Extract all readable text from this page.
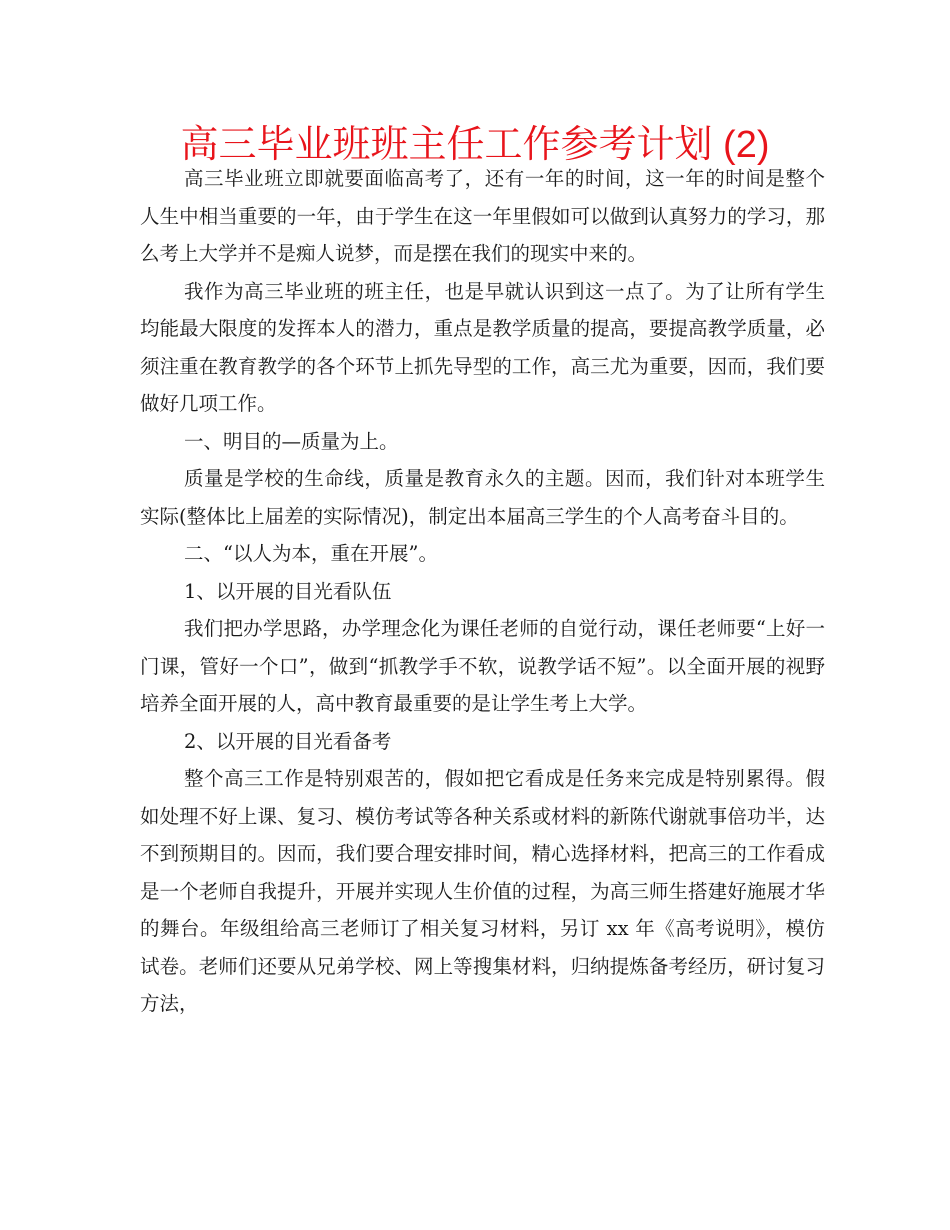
高三毕业班班主任工作参考计划 (2)

高三毕业班立即就要面临高考了，还有一年的时间，这一年的时间是整个人生中相当重要的一年，由于学生在这一年里假如可以做到认真努力的学习，那么考上大学并不是痴人说梦，而是摆在我们的现实中来的。

我作为高三毕业班的班主任，也是早就认识到这一点了。为了让所有学生均能最大限度的发挥本人的潜力，重点是教学质量的提高，要提高教学质量，必须注重在教育教学的各个环节上抓先导型的工作，高三尤为重要，因而，我们要做好几项工作。

一、明目的—质量为上。

质量是学校的生命线，质量是教育永久的主题。因而，我们针对本班学生实际(整体比上届差的实际情况)，制定出本届高三学生的个人高考奋斗目的。

二、“以人为本，重在开展”。

1、以开展的目光看队伍

我们把办学思路，办学理念化为课任老师的自觉行动，课任老师要“上好一门课，管好一个口”，做到“抓教学手不软，说教学话不短”。以全面开展的视野培养全面开展的人，高中教育最重要的是让学生考上大学。

2、以开展的目光看备考

整个高三工作是特别艰苦的，假如把它看成是任务来完成是特别累得。假如处理不好上课、复习、模仿考试等各种关系或材料的新陈代谢就事倍功半，达不到预期目的。因而，我们要合理安排时间，精心选择材料，把高三的工作看成是一个老师自我提升，开展并实现人生价值的过程，为高三师生搭建好施展才华的舞台。年级组给高三老师订了相关复习材料，另订 xx 年《高考说明》，模仿试卷。老师们还要从兄弟学校、网上等搜集材料，归纳提炼备考经历，研讨复习方法，
